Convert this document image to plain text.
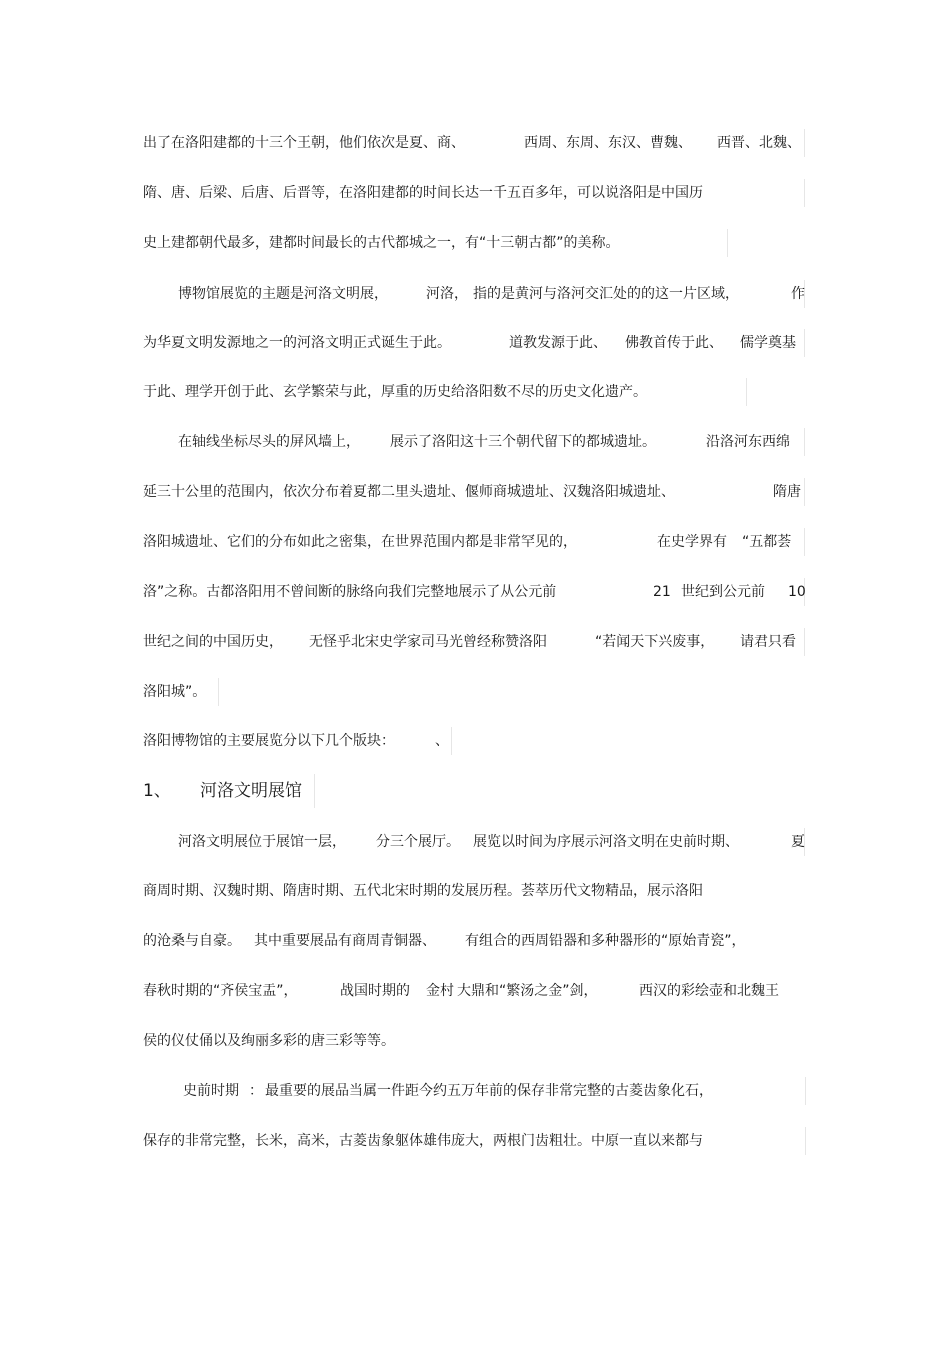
出了在洛阳建都的十三个王朝，他们依次是夏、商、	西周、东周、东汉、曹魏、 西晋、北魏、
隋、唐、后梁、后唐、后晋等，在洛阳建都的时间长达一千五百多年，可以说洛阳是中国历
史上建都朝代最多，建都时间最长的古代都城之一，有“十三朝古都”的美称。
博物馆展览的主题是河洛文明展，	河洛， 指的是黄河与洛河交汇处的的这一片区域，	作
为华夏文明发源地之一的河洛文明正式诞生于此。	道教发源于此、 佛教首传于此、 儒学奠基
于此、理学开创于此、玄学繁荣与此，厚重的历史给洛阳数不尽的历史文化遗产。
在轴线坐标尽头的屏风墙上， 展示了洛阳这十三个朝代留下的都城遗址。	沿洛河东西绵
延三十公里的范围内，依次分布着夏都二里头遗址、偃师商城遗址、汉魏洛阳城遗址、	隋唐
洛阳城遗址、它们的分布如此之密集，在世界范围内都是非常罕见的，	在史学界有 “五都荟
洛”之称。古都洛阳用不曾间断的脉络向我们完整地展示了从公元前	21 世纪到公元前 10
世纪之间的中国历史， 无怪乎北宋史学家司马光曾经称赞洛阳	“若闻天下兴废事， 请君只看
洛阳城”。
洛阳博物馆的主要展览分以下几个版块：	、
1、 河洛文明展馆
河洛文明展位于展馆一层， 分三个展厅。 展览以时间为序展示河洛文明在史前时期、	夏
商周时期、汉魏时期、隋唐时期、五代北宋时期的发展历程。荟萃历代文物精品，展示洛阳
的沧桑与自豪。 其中重要展品有商周青铜器、 有组合的西周铅器和多种器形的“原始青瓷”，
春秋时期的“齐侯宝盂”，	战国时期的 金村 大鼎和“繁汤之金”剑，	西汉的彩绘壶和北魏王
侯的仪仗俑以及绚丽多彩的唐三彩等等。
史前时期 ： 最重要的展品当属一件距今约五万年前的保存非常完整的古菱齿象化石，
保存的非常完整，长米，高米，古菱齿象躯体雄伟庞大，两根门齿粗壮。中原一直以来都与
